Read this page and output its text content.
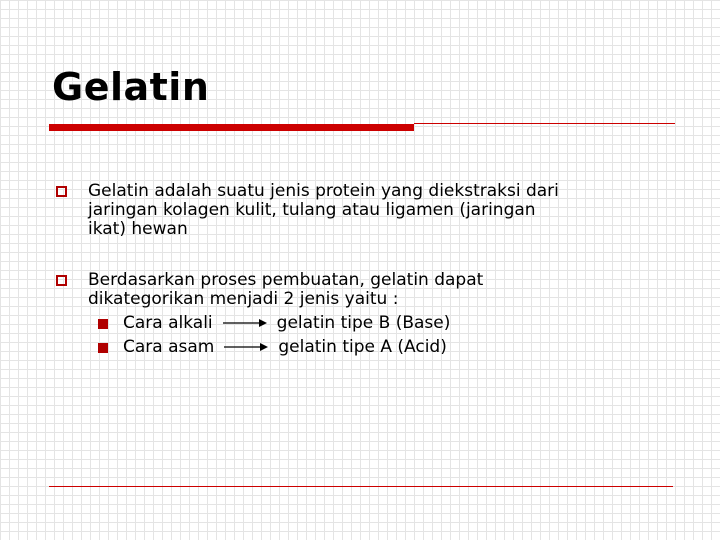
Gelatin
Gelatin adalah suatu jenis protein yang diekstraksi dari
jaringan kolagen kulit, tulang atau ligamen (jaringan
ikat) hewan
Berdasarkan proses pembuatan, gelatin dapat
dikategorikan menjadi 2 jenis yaitu :
Cara alkali	gelatin tipe B (Base)
Cara asam	gelatin tipe A (Acid)
